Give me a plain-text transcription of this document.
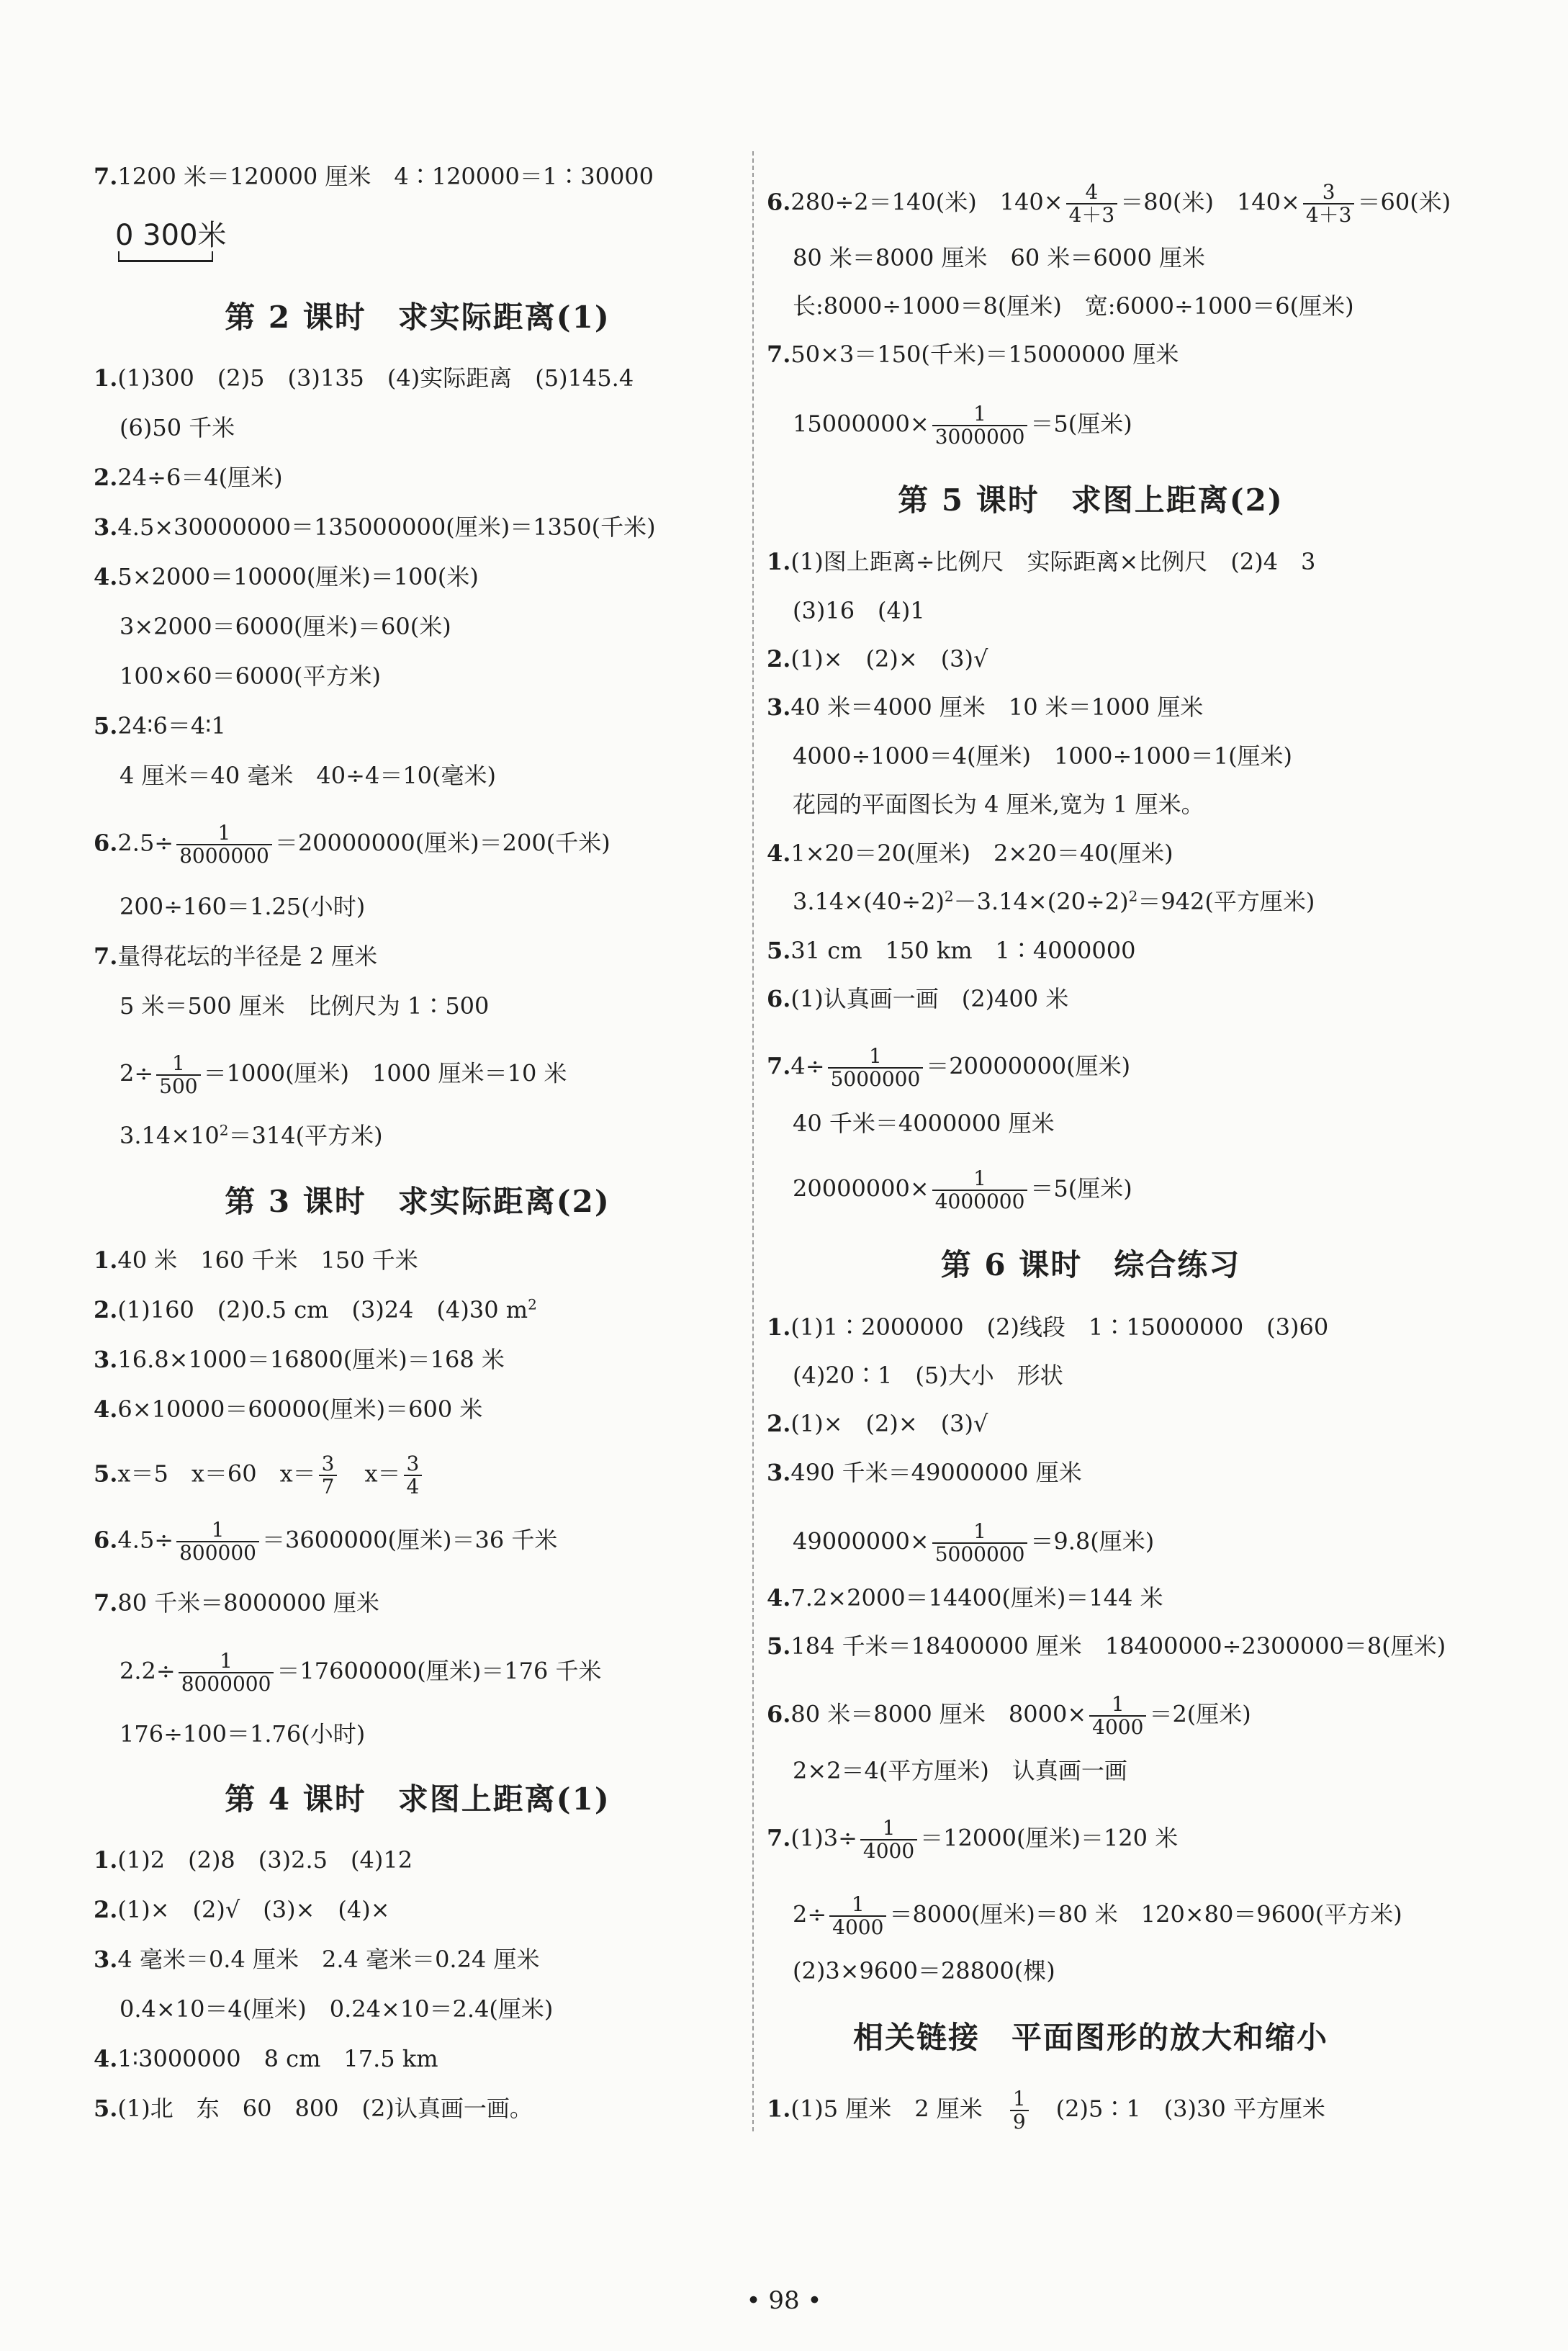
7.1200 米＝120000 厘米　4∶120000＝1∶30000
0 300米
第 2 课时　求实际距离(1)
1.(1)300　(2)5　(3)135　(4)实际距离　(5)145.4
(6)50 千米
2.24÷6＝4(厘米)
3.4.5×30000000＝135000000(厘米)＝1350(千米)
4.5×2000＝10000(厘米)＝100(米)
3×2000＝6000(厘米)＝60(米)
100×60＝6000(平方米)
5.24∶6＝4∶1
4 厘米＝40 毫米　40÷4＝10(毫米)
$6.2.5\div \frac{1}{8000000} =20000000$(厘米)＝200(千米)
200÷160＝1.25(小时)
7.量得花坛的半径是 2 厘米
5 米＝500 厘米　比例尺为 1∶500
$2\div \frac{1}{500} =1000$(厘米)　1000 厘米＝10 米
$3.14\times 10^2=314$(平方米)
第 3 课时　求实际距离(2)
1.40 米　160 千米　150 千米
2.(1)160　(2)0.5 cm　(3)24　(4)30 $m^2$
3.16.8×1000＝16800(厘米)＝168 米
4.6×10000＝60000(厘米)＝600 米
5.x＝5　x＝60　$x= \frac{3}{7} x= \frac{3}{4}$
$6.4.5\div \frac{1}{800000} =3600000$(厘米)＝36 千米
7.80 千米＝8000000 厘米
$2.2\div \frac{1}{8000000} =17600000$(厘米)＝176 千米
176÷100＝1.76(小时)
第 4 课时　求图上距离(1)
1.(1)2　(2)8　(3)2.5　(4)12
2.(1)×　(2)√　(3)×　(4)×
3.4 毫米＝0.4 厘米　2.4 毫米＝0.24 厘米
0.4×10＝4(厘米)　0.24×10＝2.4(厘米)
4.1∶3000000　8 cm　17.5 km
5.(1)北　东　60　800　(2)认真画一画。
6.280÷2＝140(米)　$140\times \frac{4}{4+3} =80$(米)　$140\times \frac{3}{4+3} =60$(米)
80 米＝8000 厘米　60 米＝6000 厘米
长:8000÷1000＝8(厘米)　宽:6000÷1000＝6(厘米)
7.50×3＝150(千米)＝15000000 厘米
$15000000\times \frac{1}{3000000} =5$(厘米)
第 5 课时　求图上距离(2)
1.(1)图上距离÷比例尺　实际距离×比例尺　(2)4　3
(3)16　(4)1
2.(1)×　(2)×　(3)√
3.40 米＝4000 厘米　10 米＝1000 厘米
4000÷1000＝4(厘米)　1000÷1000＝1(厘米)
花园的平面图长为 4 厘米,宽为 1 厘米。
4.1×20＝20(厘米)　2×20＝40(厘米)
$3.14\times(40\div 2)^2-3.14\times(20\div 2)^2=942$(平方厘米)
5.31 cm　150 km　1∶4000000
6.(1)认真画一画　(2)400 米
$7.4\div \frac{1}{5000000} =20000000$(厘米)
40 千米＝4000000 厘米
$20000000\times \frac{1}{4000000} =5$(厘米)
第 6 课时　综合练习
1.(1)1∶2000000　(2)线段　1∶15000000　(3)60
(4)20∶1　(5)大小　形状
2.(1)×　(2)×　(3)√
3.490 千米＝49000000 厘米
$49000000\times \frac{1}{5000000} =9.8$(厘米)
4.7.2×2000＝14400(厘米)＝144 米
5.184 千米＝18400000 厘米　18400000÷2300000＝8(厘米)
6.80 米＝8000 厘米　$8000\times \frac{1}{4000} =2$(厘米)
2×2＝4(平方厘米)　认真画一画
$7.(1)3\div \frac{1}{4000} =12000$(厘米)＝120 米
$2\div \frac{1}{4000} =8000$(厘米)＝80 米　120×80＝9600(平方米)
(2)3×9600＝28800(棵)
相关链接　平面图形的放大和缩小
1.(1)5 厘米　2 厘米 $\frac{1}{9}$ (2)5∶1　(3)30 平方厘米
• 98 •
